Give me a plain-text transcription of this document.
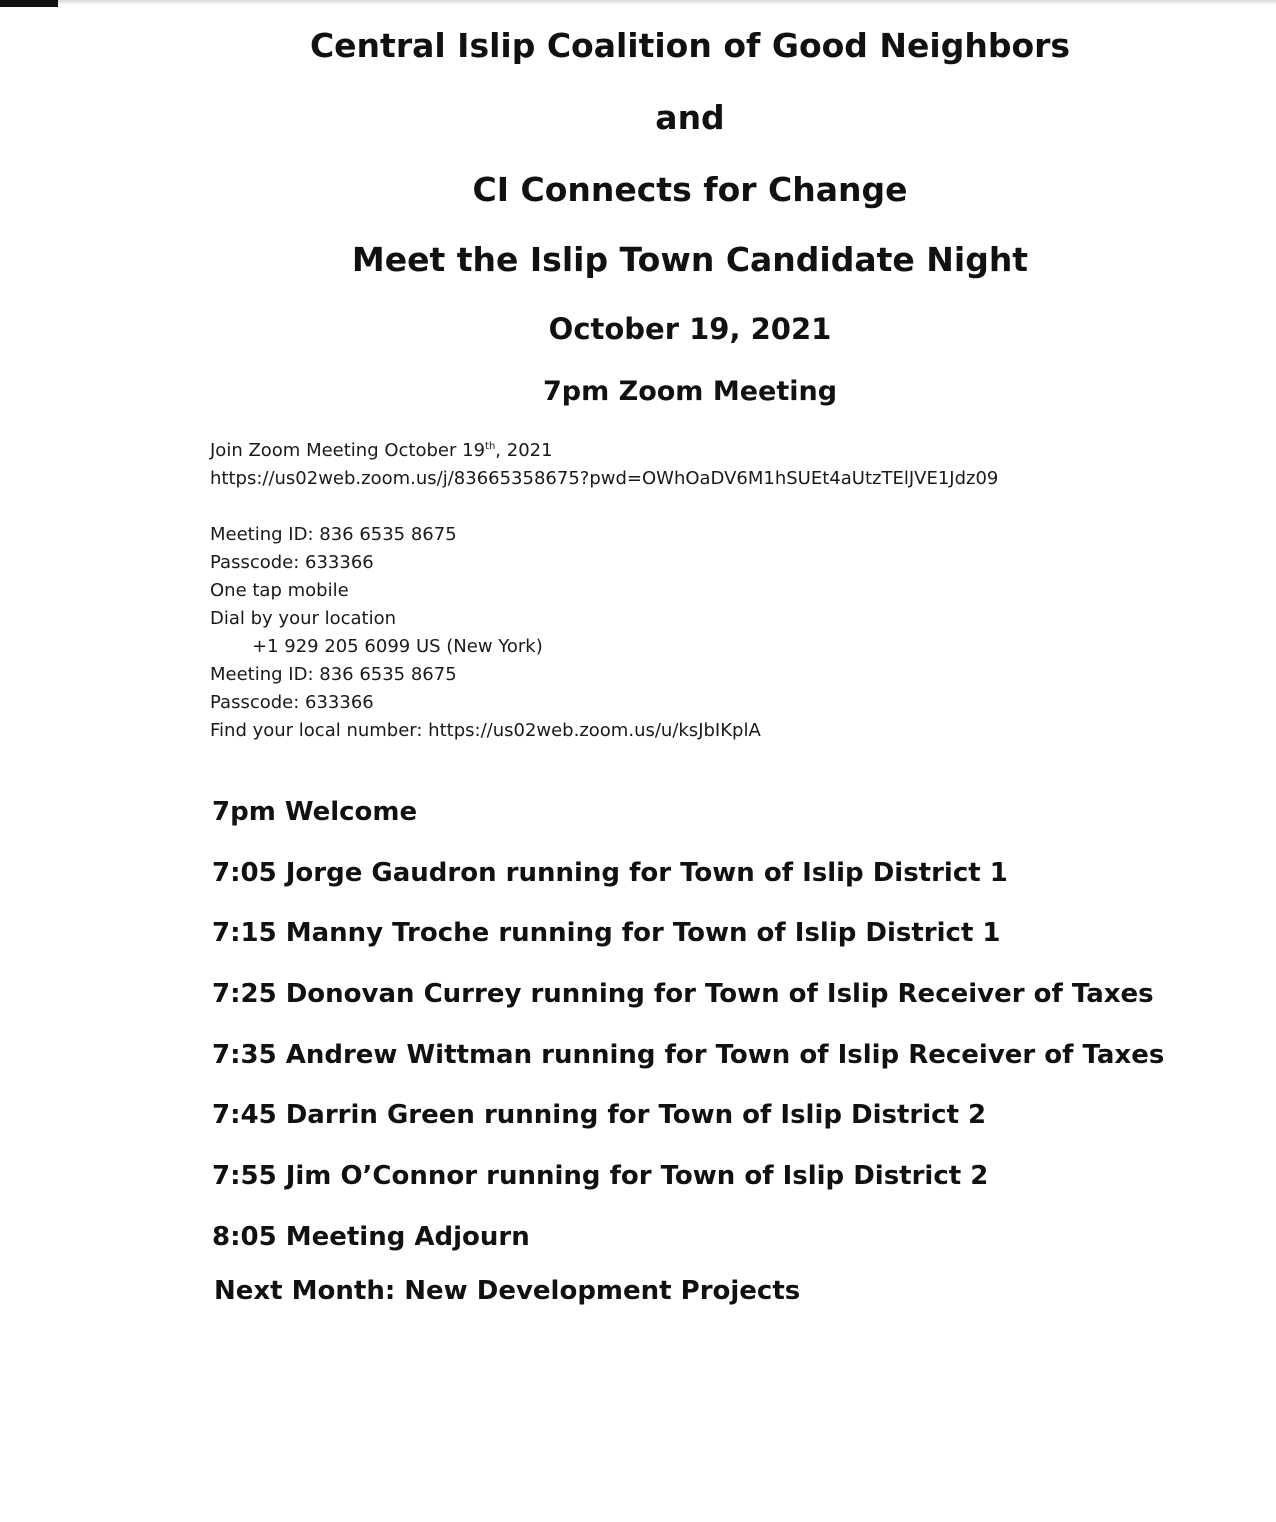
Central Islip Coalition of Good Neighbors
and
CI Connects for Change
Meet the Islip Town Candidate Night
October 19, 2021
7pm Zoom Meeting
Join Zoom Meeting October 19th, 2021
https://us02web.zoom.us/j/83665358675?pwd=OWhOaDV6M1hSUEt4aUtzTElJVE1Jdz09
Meeting ID: 836 6535 8675
Passcode: 633366
One tap mobile
Dial by your location
+1 929 205 6099 US (New York)
Meeting ID: 836 6535 8675
Passcode: 633366
Find your local number: https://us02web.zoom.us/u/ksJbIKplA
7pm Welcome
7:05 Jorge Gaudron running for Town of Islip District 1
7:15 Manny Troche running for Town of Islip District 1
7:25 Donovan Currey running for Town of Islip Receiver of Taxes
7:35 Andrew Wittman running for Town of Islip Receiver of Taxes
7:45 Darrin Green running for Town of Islip District 2
7:55 Jim O’Connor running for Town of Islip District 2
8:05 Meeting Adjourn
Next Month: New Development Projects
